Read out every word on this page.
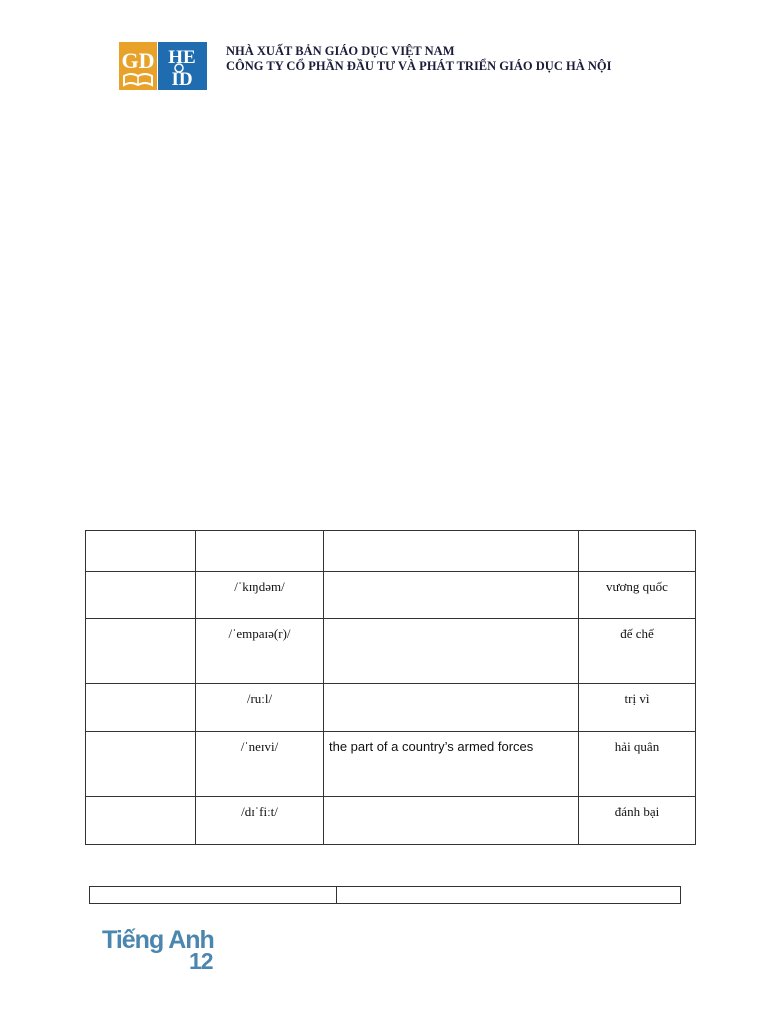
GD HE
ID
NHÀ XUẤT BẢN GIÁO DỤC VIỆT NAM
CÔNG TY CỔ PHẦN ĐẦU TƯ VÀ PHÁT TRIỂN GIÁO DỤC HÀ NỘI

	/ˈkɪŋdəm/		vương quốc
	/ˈempaɪə(r)/		đế chế
	/ruːl/		trị vì
	/ˈneɪvi/	the part of a country’s armed forces	hải quân
	/dɪˈfiːt/		đánh bại

Tiếng Anh
12
